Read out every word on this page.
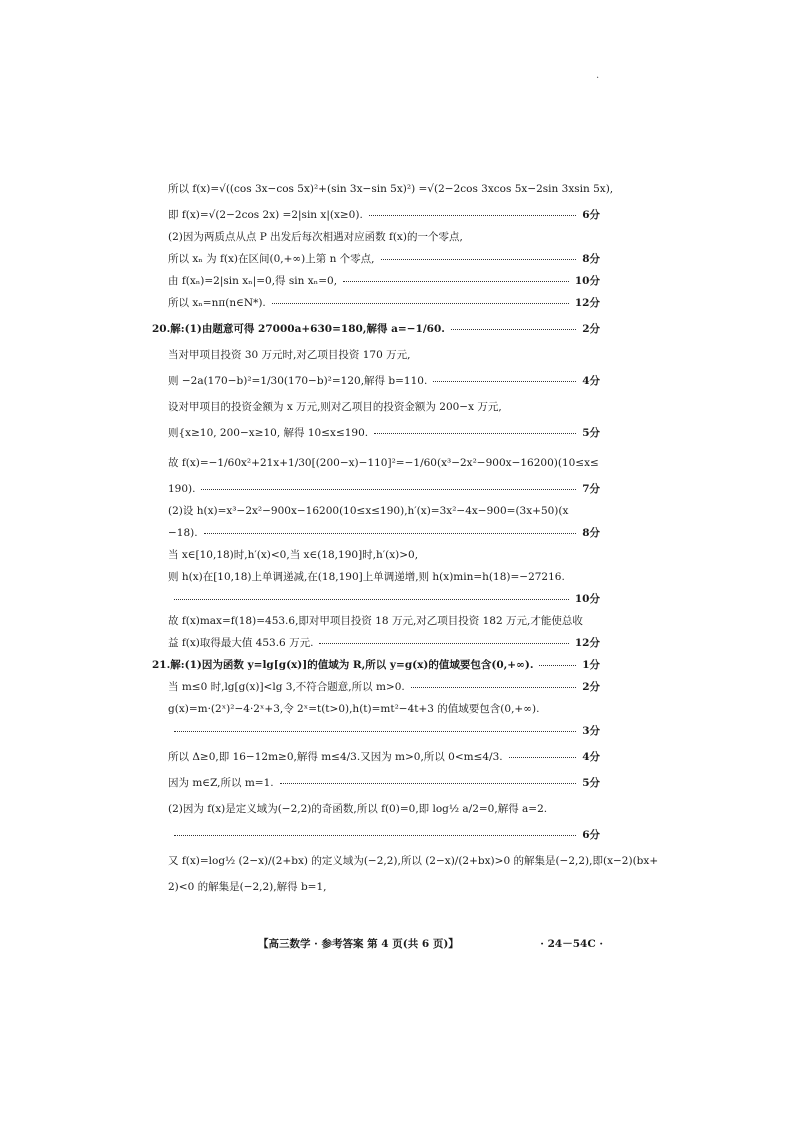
.
所以 f(x)=√((cos 3x−cos 5x)²+(sin 3x−sin 5x)²) =√(2−2cos 3xcos 5x−2sin 3xsin 5x),
即 f(x)=√(2−2cos 2x) =2|sin x|(x≥0).	6分
(2)因为两质点从点 P 出发后每次相遇对应函数 f(x)的一个零点,
所以 xₙ 为 f(x)在区间(0,+∞)上第 n 个零点,	8分
由 f(xₙ)=2|sin xₙ|=0,得 sin xₙ=0,	10分
所以 xₙ=nπ(n∈N*).	12分
20.解:(1)由题意可得 27000a+630=180,解得 a=−1/60.	2分
当对甲项目投资 30 万元时,对乙项目投资 170 万元,
则 −2a(170−b)²=1/30(170−b)²=120,解得 b=110.	4分
设对甲项目的投资金额为 x 万元,则对乙项目的投资金额为 200−x 万元,
则{x≥10, 200−x≥10, 解得 10≤x≤190.	5分
故 f(x)=−1/60x²+21x+1/30[(200−x)−110]²=−1/60(x³−2x²−900x−16200)(10≤x≤
190).	7分
(2)设 h(x)=x³−2x²−900x−16200(10≤x≤190),h′(x)=3x²−4x−900=(3x+50)(x
−18).	8分
当 x∈[10,18)时,h′(x)<0,当 x∈(18,190]时,h′(x)>0,
则 h(x)在[10,18)上单调递减,在(18,190]上单调递增,则 h(x)min=h(18)=−27216.
10分
故 f(x)max=f(18)=453.6,即对甲项目投资 18 万元,对乙项目投资 182 万元,才能使总收
益 f(x)取得最大值 453.6 万元.	12分
21.解:(1)因为函数 y=lg[g(x)]的值域为 R,所以 y=g(x)的值域要包含(0,+∞).	1分
当 m≤0 时,lg[g(x)]<lg 3,不符合题意,所以 m>0.	2分
g(x)=m·(2ˣ)²−4·2ˣ+3,令 2ˣ=t(t>0),h(t)=mt²−4t+3 的值域要包含(0,+∞).
3分
所以 Δ≥0,即 16−12m≥0,解得 m≤4/3.又因为 m>0,所以 0<m≤4/3.	4分
因为 m∈Z,所以 m=1.	5分
(2)因为 f(x)是定义域为(−2,2)的奇函数,所以 f(0)=0,即 log½ a/2=0,解得 a=2.
6分
又 f(x)=log½ (2−x)/(2+bx) 的定义域为(−2,2),所以 (2−x)/(2+bx)>0 的解集是(−2,2),即(x−2)(bx+
2)<0 的解集是(−2,2),解得 b=1,
【高三数学 · 参考答案 第 4 页(共 6 页)】	· 24－54C ·
